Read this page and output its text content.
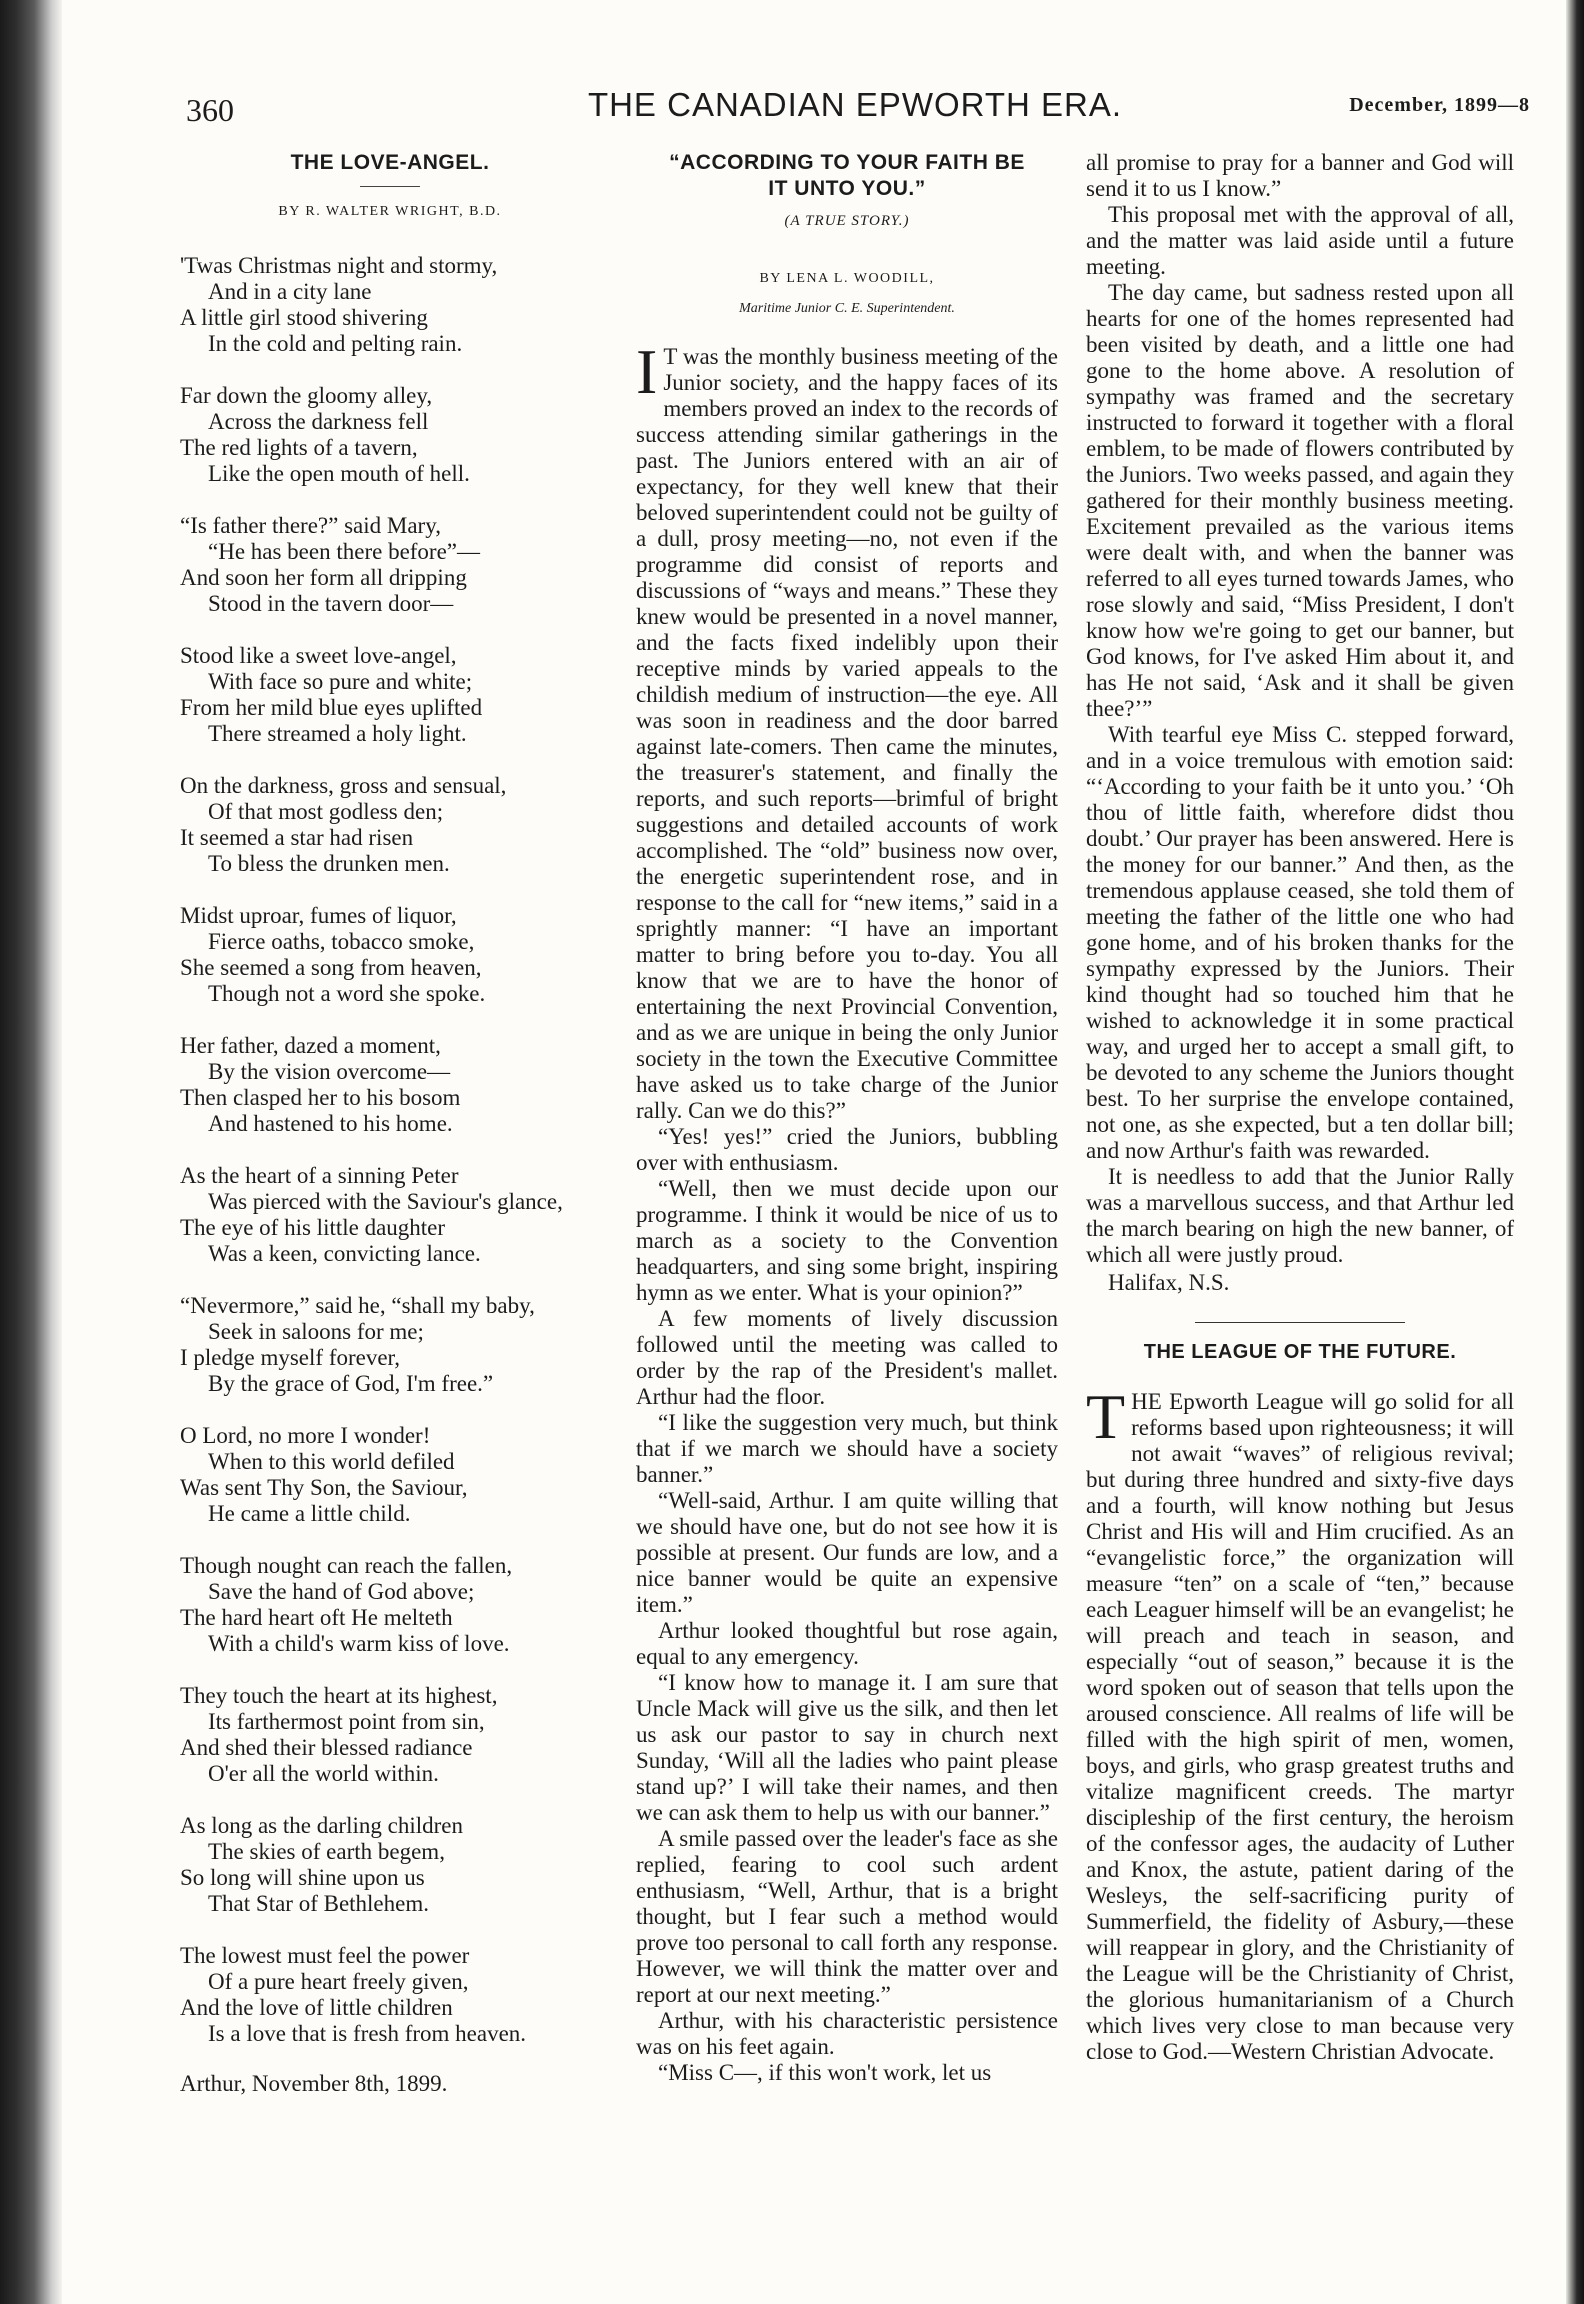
360	THE CANADIAN EPWORTH ERA.	December, 1899—8
THE LOVE-ANGEL.
BY R. WALTER WRIGHT, B.D.
'Twas Christmas night and stormy,
And in a city lane
A little girl stood shivering
In the cold and pelting rain.
Far down the gloomy alley,
Across the darkness fell
The red lights of a tavern,
Like the open mouth of hell.
“Is father there?” said Mary,
“He has been there before”—
And soon her form all dripping
Stood in the tavern door—
Stood like a sweet love-angel,
With face so pure and white;
From her mild blue eyes uplifted
There streamed a holy light.
On the darkness, gross and sensual,
Of that most godless den;
It seemed a star had risen
To bless the drunken men.
Midst uproar, fumes of liquor,
Fierce oaths, tobacco smoke,
She seemed a song from heaven,
Though not a word she spoke.
Her father, dazed a moment,
By the vision overcome—
Then clasped her to his bosom
And hastened to his home.
As the heart of a sinning Peter
Was pierced with the Saviour's glance,
The eye of his little daughter
Was a keen, convicting lance.
“Nevermore,” said he, “shall my baby,
Seek in saloons for me;
I pledge myself forever,
By the grace of God, I'm free.”
O Lord, no more I wonder!
When to this world defiled
Was sent Thy Son, the Saviour,
He came a little child.
Though nought can reach the fallen,
Save the hand of God above;
The hard heart oft He melteth
With a child's warm kiss of love.
They touch the heart at its highest,
Its farthermost point from sin,
And shed their blessed radiance
O'er all the world within.
As long as the darling children
The skies of earth begem,
So long will shine upon us
That Star of Bethlehem.
The lowest must feel the power
Of a pure heart freely given,
And the love of little children
Is a love that is fresh from heaven.
Arthur, November 8th, 1899.
“ACCORDING TO YOUR FAITH BE
IT UNTO YOU.”
(A TRUE STORY.)
BY LENA L. WOODILL,
Maritime Junior C. E. Superintendent.

IT was the monthly business meeting of the Junior society, and the happy faces of its members proved an index to the records of success attending similar gatherings in the past. The Juniors entered with an air of expectancy, for they well knew that their beloved superintendent could not be guilty of a dull, prosy meeting—no, not even if the programme did consist of reports and discussions of “ways and means.” These they knew would be presented in a novel manner, and the facts fixed indelibly upon their receptive minds by varied appeals to the childish medium of instruction—the eye. All was soon in readiness and the door barred against late-comers. Then came the minutes, the treasurer's statement, and finally the reports, and such reports—brimful of bright suggestions and detailed accounts of work accomplished. The “old” business now over, the energetic superintendent rose, and in response to the call for “new items,” said in a sprightly manner: “I have an important matter to bring before you to-day. You all know that we are to have the honor of entertaining the next Provincial Convention, and as we are unique in being the only Junior society in the town the Executive Committee have asked us to take charge of the Junior rally. Can we do this?”

“Yes! yes!” cried the Juniors, bubbling over with enthusiasm.

“Well, then we must decide upon our programme. I think it would be nice of us to march as a society to the Convention headquarters, and sing some bright, inspiring hymn as we enter. What is your opinion?”

A few moments of lively discussion followed until the meeting was called to order by the rap of the President's mallet. Arthur had the floor.

“I like the suggestion very much, but think that if we march we should have a society banner.”

“Well-said, Arthur. I am quite willing that we should have one, but do not see how it is possible at present. Our funds are low, and a nice banner would be quite an expensive item.”

Arthur looked thoughtful but rose again, equal to any emergency.

“I know how to manage it. I am sure that Uncle Mack will give us the silk, and then let us ask our pastor to say in church next Sunday, ‘Will all the ladies who paint please stand up?’ I will take their names, and then we can ask them to help us with our banner.”

A smile passed over the leader's face as she replied, fearing to cool such ardent enthusiasm, “Well, Arthur, that is a bright thought, but I fear such a method would prove too personal to call forth any response. However, we will think the matter over and report at our next meeting.”

Arthur, with his characteristic persistence was on his feet again.

“Miss C—, if this won't work, let us

all promise to pray for a banner and God will send it to us I know.”

This proposal met with the approval of all, and the matter was laid aside until a future meeting.

The day came, but sadness rested upon all hearts for one of the homes represented had been visited by death, and a little one had gone to the home above. A resolution of sympathy was framed and the secretary instructed to forward it together with a floral emblem, to be made of flowers contributed by the Juniors. Two weeks passed, and again they gathered for their monthly business meeting. Excitement prevailed as the various items were dealt with, and when the banner was referred to all eyes turned towards James, who rose slowly and said, “Miss President, I don't know how we're going to get our banner, but God knows, for I've asked Him about it, and has He not said, ‘Ask and it shall be given thee?’”

With tearful eye Miss C. stepped forward, and in a voice tremulous with emotion said: “‘According to your faith be it unto you.’ ‘Oh thou of little faith, wherefore didst thou doubt.’ Our prayer has been answered. Here is the money for our banner.” And then, as the tremendous applause ceased, she told them of meeting the father of the little one who had gone home, and of his broken thanks for the sympathy expressed by the Juniors. Their kind thought had so touched him that he wished to acknowledge it in some practical way, and urged her to accept a small gift, to be devoted to any scheme the Juniors thought best. To her surprise the envelope contained, not one, as she expected, but a ten dollar bill; and now Arthur's faith was rewarded.

It is needless to add that the Junior Rally was a marvellous success, and that Arthur led the march bearing on high the new banner, of which all were justly proud.

Halifax, N.S.

THE LEAGUE OF THE FUTURE.

THE Epworth League will go solid for all reforms based upon righteousness; it will not await “waves” of religious revival; but during three hundred and sixty-five days and a fourth, will know nothing but Jesus Christ and His will and Him crucified. As an “evangelistic force,” the organization will measure “ten” on a scale of “ten,” because each Leaguer himself will be an evangelist; he will preach and teach in season, and especially “out of season,” because it is the word spoken out of season that tells upon the aroused conscience. All realms of life will be filled with the high spirit of men, women, boys, and girls, who grasp greatest truths and vitalize magnificent creeds. The martyr discipleship of the first century, the heroism of the confessor ages, the audacity of Luther and Knox, the astute, patient daring of the Wesleys, the self-sacrificing purity of Summerfield, the fidelity of Asbury,—these will reappear in glory, and the Christianity of the League will be the Christianity of Christ, the glorious humanitarianism of a Church which lives very close to man because very close to God.—Western Christian Advocate.
